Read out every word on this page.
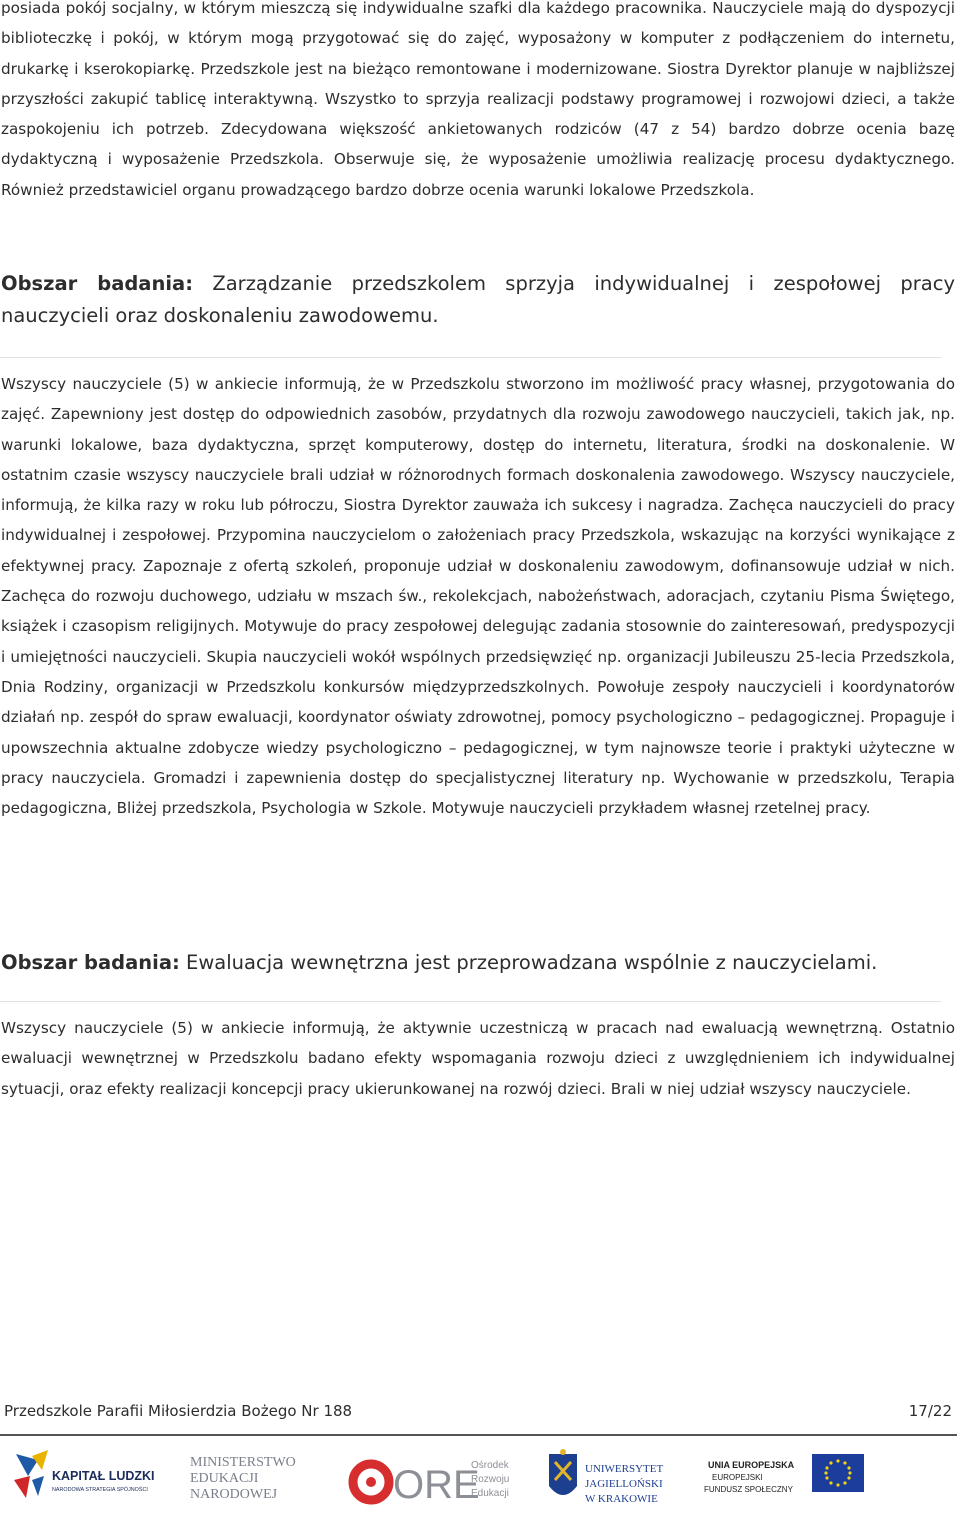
posiada pokój socjalny, w którym mieszczą się indywidualne szafki dla każdego pracownika. Nauczyciele mają do dyspozycji biblioteczkę i pokój, w którym mogą przygotować się do zajęć, wyposażony w komputer z podłączeniem do internetu, drukarkę i kserokopiarkę. Przedszkole jest na bieżąco remontowane i modernizowane. Siostra Dyrektor planuje w najbliższej przyszłości zakupić tablicę interaktywną. Wszystko to sprzyja realizacji podstawy programowej i rozwojowi dzieci, a także zaspokojeniu ich potrzeb. Zdecydowana większość ankietowanych rodziców (47 z 54) bardzo dobrze ocenia bazę dydaktyczną i wyposażenie Przedszkola. Obserwuje się, że wyposażenie umożliwia realizację procesu dydaktycznego. Również przedstawiciel organu prowadzącego bardzo dobrze ocenia warunki lokalowe Przedszkola.

Obszar badania: Zarządzanie przedszkolem sprzyja indywidualnej i zespołowej pracy nauczycieli oraz doskonaleniu zawodowemu.

Wszyscy nauczyciele (5) w ankiecie informują, że w Przedszkolu stworzono im możliwość pracy własnej, przygotowania do zajęć. Zapewniony jest dostęp do odpowiednich zasobów, przydatnych dla rozwoju zawodowego nauczycieli, takich jak, np. warunki lokalowe, baza dydaktyczna, sprzęt komputerowy, dostęp do internetu, literatura, środki na doskonalenie. W ostatnim czasie wszyscy nauczyciele brali udział w różnorodnych formach doskonalenia zawodowego. Wszyscy nauczyciele, informują, że kilka razy w roku lub półroczu, Siostra Dyrektor zauważa ich sukcesy i nagradza. Zachęca nauczycieli do pracy indywidualnej i zespołowej. Przypomina nauczycielom o założeniach pracy Przedszkola, wskazując na korzyści wynikające z efektywnej pracy. Zapoznaje z ofertą szkoleń, proponuje udział w doskonaleniu zawodowym, dofinansowuje udział w nich. Zachęca do rozwoju duchowego, udziału w mszach św., rekolekcjach, nabożeństwach, adoracjach, czytaniu Pisma Świętego, książek i czasopism religijnych. Motywuje do pracy zespołowej delegując zadania stosownie do zainteresowań, predyspozycji i umiejętności nauczycieli. Skupia nauczycieli wokół wspólnych przedsięwzięć np. organizacji Jubileuszu 25-lecia Przedszkola, Dnia Rodziny, organizacji w Przedszkolu konkursów międzyprzedszkolnych. Powołuje zespoły nauczycieli i koordynatorów działań np. zespół do spraw ewaluacji, koordynator oświaty zdrowotnej, pomocy psychologiczno – pedagogicznej. Propaguje i upowszechnia aktualne zdobycze wiedzy psychologiczno – pedagogicznej, w tym najnowsze teorie i praktyki użyteczne w pracy nauczyciela. Gromadzi i zapewnienia dostęp do specjalistycznej literatury np. Wychowanie w przedszkolu, Terapia pedagogiczna, Bliżej przedszkola, Psychologia w Szkole. Motywuje nauczycieli przykładem własnej rzetelnej pracy.

Obszar badania: Ewaluacja wewnętrzna jest przeprowadzana wspólnie z nauczycielami.

Wszyscy nauczyciele (5) w ankiecie informują, że aktywnie uczestniczą w pracach nad ewaluacją wewnętrzną. Ostatnio ewaluacji wewnętrznej w Przedszkolu badano efekty wspomagania rozwoju dzieci z uwzględnieniem ich indywidualnej sytuacji, oraz efekty realizacji koncepcji pracy ukierunkowanej na rozwój dzieci. Brali w niej udział wszyscy nauczyciele.

Przedszkole Parafii Miłosierdzia Bożego Nr 188	17/22
KAPITAŁ LUDZKI
NARODOWA STRATEGIA SPÓJNOŚCI
MINISTERSTWO
EDUKACJI
NARODOWEJ	ORE
Ośrodek
Rozwoju
Edukacji
UNIWERSYTET
JAGIELLOŃSKI
W KRAKOWIE
UNIA EUROPEJSKA
EUROPEJSKI
FUNDUSZ SPOŁECZNY
